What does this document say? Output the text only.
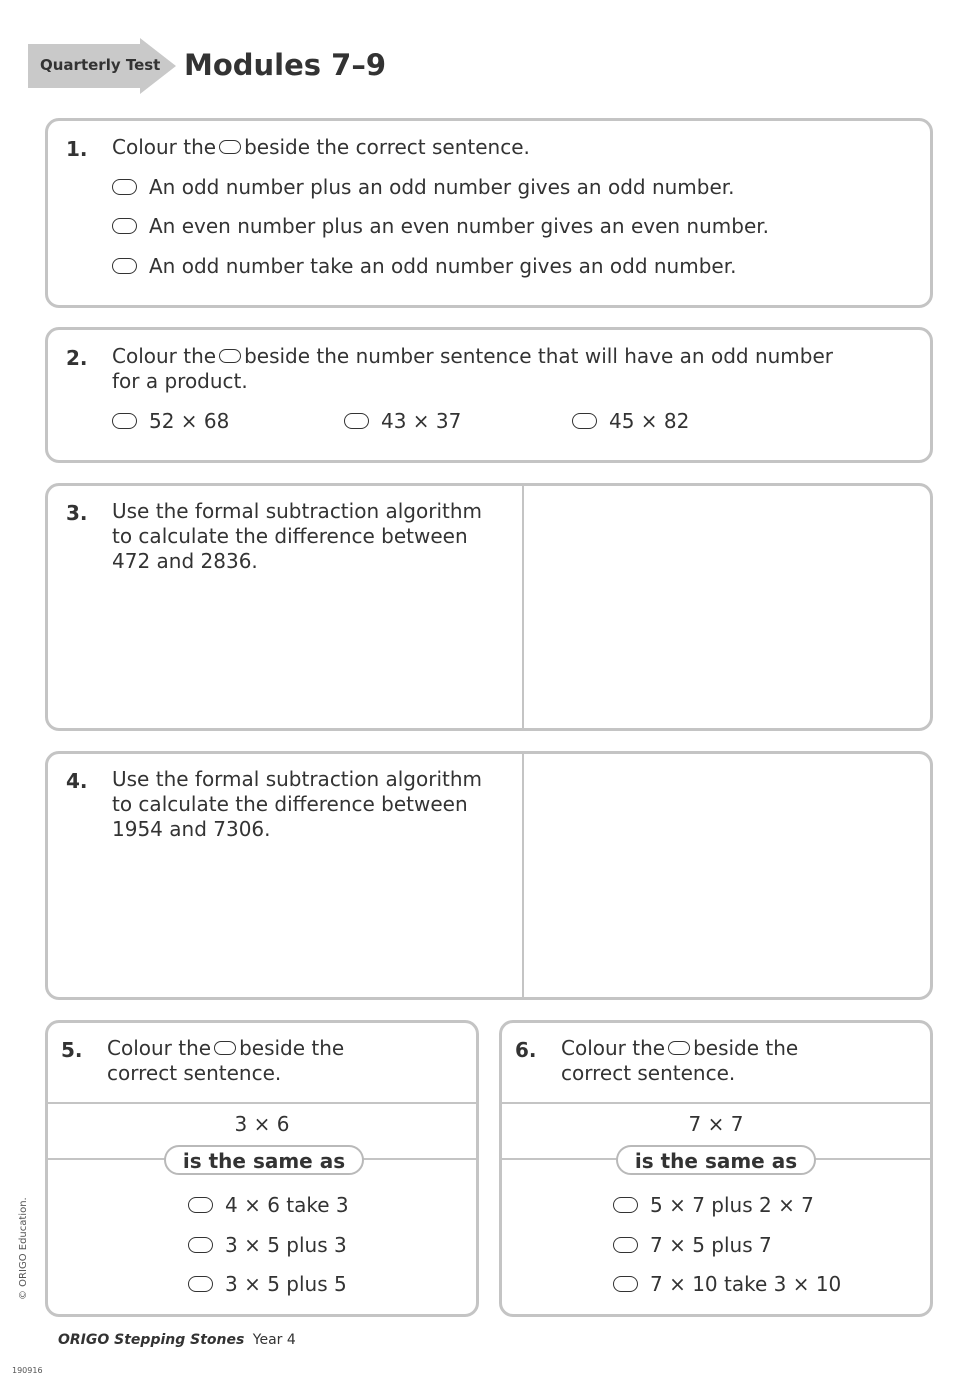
Quarterly Test Modules 7–9
1. Colour the beside the correct sentence.
An odd number plus an odd number gives an odd number.
An even number plus an even number gives an even number.
An odd number take an odd number gives an odd number.
2. Colour the beside the number sentence that will have an odd number
for a product.
52 × 68	43 × 37	45 × 82
3. Use the formal subtraction algorithm
to calculate the difference between
472 and 2836.
4. Use the formal subtraction algorithm
to calculate the difference between
1954 and 7306.
5. Colour the beside the
correct sentence.
3 × 6
is the same as
4 × 6 take 3
3 × 5 plus 3
3 × 5 plus 5
6. Colour the beside the
correct sentence.
7 × 7
is the same as
5 × 7 plus 2 × 7
7 × 5 plus 7
7 × 10 take 3 × 10
© ORIGO Education.
ORIGO Stepping Stones Year 4
190916
